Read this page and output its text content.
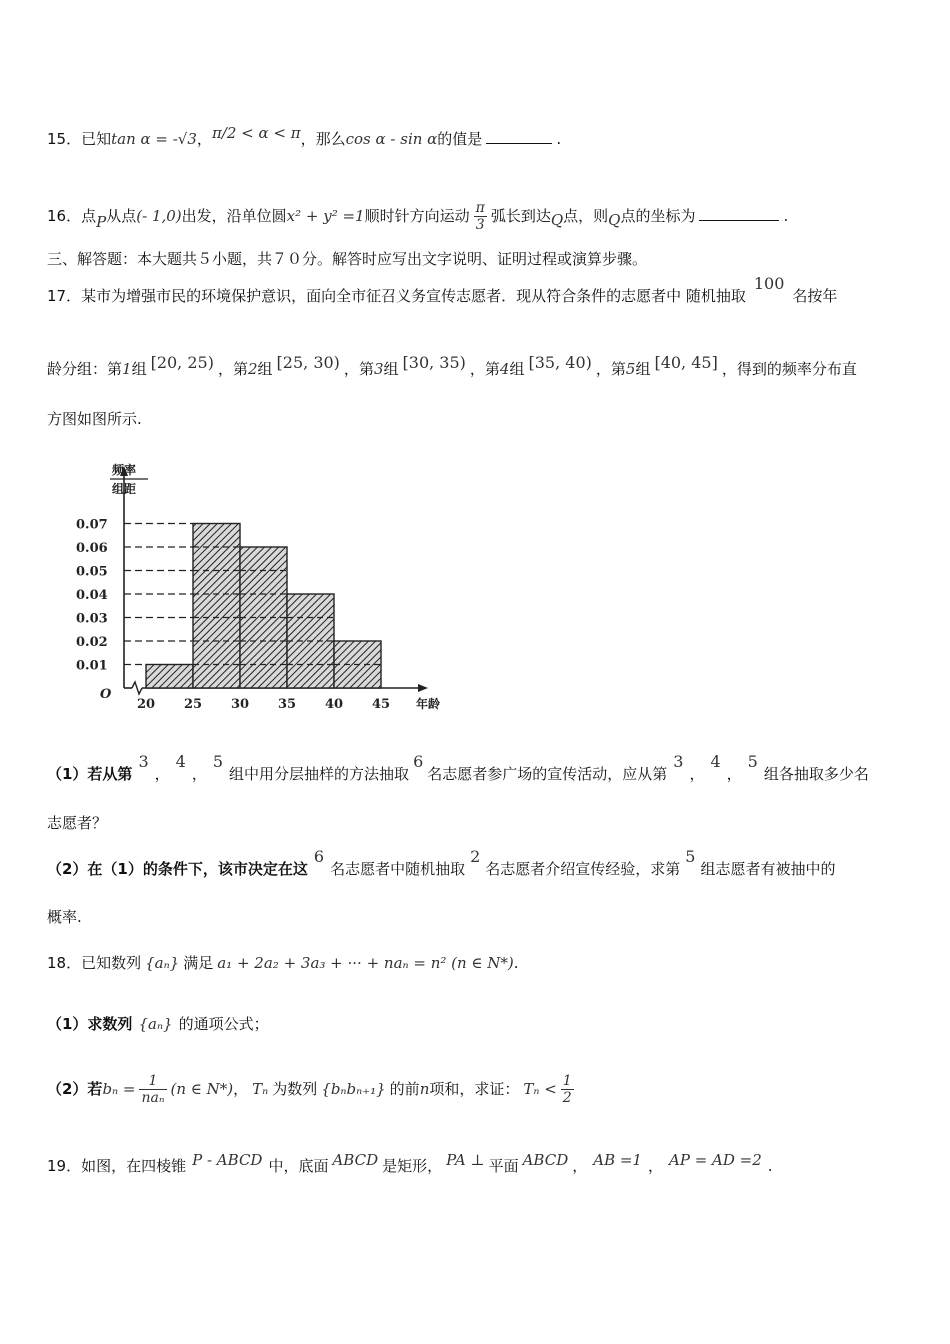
15．已知tan α = -√3，π/2 < α < π，那么cos α - sin α的值是	.
16．点P从点(- 1,0)出发，沿单位圆x² + y² =1顺时针方向运动 $\frac{\pi}{3}$ 弧长到达Q点，则Q点的坐标为	.
三、解答题：本大题共５小题，共７０分。解答时应写出文字说明、证明过程或演算步骤。
17．某市为增强市民的环境保护意识，面向全市征召义务宣传志愿者．现从符合条件的志愿者中 随机抽取100名按年
龄分组：第1组 [20, 25) ，第2组 [25, 30) ，第3组 [30, 35) ，第4组 [35, 40) ，第5组 [40, 45] ，得到的频率分布直
方图如图所示.
0.01
0.02
0.03
0.04
0.05
0.06
0.07
20 25 30 35 40 45
O
频率
组距
年龄
（1）若从第3，4，5组中用分层抽样的方法抽取6名志愿者参广场的宣传活动，应从第3，4，5组各抽取多少名
志愿者？
（2）在（1）的条件下，该市决定在这6名志愿者中随机抽取2名志愿者介绍宣传经验，求第5组志愿者有被抽中的
概率.
18．已知数列 {aₙ} 满足 a₁ + 2a₂ + 3a₃ + ··· + naₙ = n² (n ∈ N*).
（1）求数列 {aₙ} 的通项公式；
（2）若$b_n = \frac{1}{\text{naₙ}} (n$ ∈ N*)， Tₙ 为数列 {bₙbₙ₊₁} 的前n项和，求证： $T_n < \frac{1}{2}$
19．如图，在四棱锥 P - ABCD 中，底面 ABCD 是矩形， PA ⊥ 平面 ABCD ， AB =1 ， AP = AD =2 .
